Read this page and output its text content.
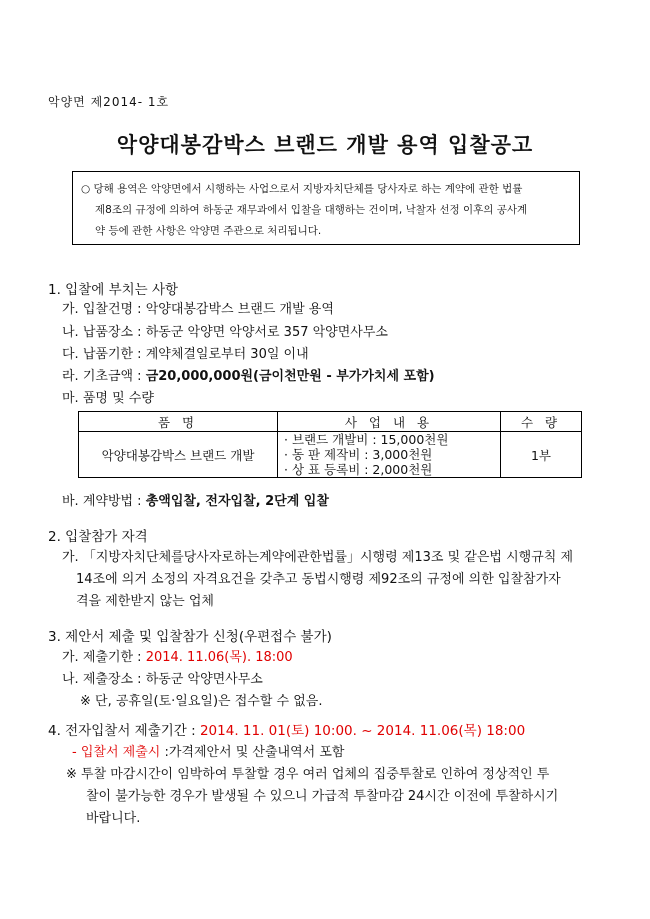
악양면 제2014- 1호
악양대봉감박스 브랜드 개발 용역 입찰공고
○ 당해 용역은 악양면에서 시행하는 사업으로서 지방자치단체를 당사자로 하는 계약에 관한 법률
제8조의 규정에 의하여 하동군 재무과에서 입찰을 대행하는 건이며, 낙찰자 선정 이후의 공사계
약 등에 관한 사항은 악양면 주관으로 처리됩니다.
1. 입찰에 부치는 사항
가. 입찰건명 : 악양대봉감박스 브랜드 개발 용역
나. 납품장소 : 하동군 악양면 악양서로 357 악양면사무소
다. 납품기한 : 계약체결일로부터 30일 이내
라. 기초금액 : 금20,000,000원(금이천만원 - 부가가치세 포함)
마. 품명 및 수량
품 명	사 업 내 용	수 량
악양대봉감박스 브랜드 개발	· 브랜드 개발비 : 15,000천원
· 동 판 제작비 : 3,000천원
· 상 표 등록비 : 2,000천원	1부
바. 계약방법 : 총액입찰, 전자입찰, 2단계 입찰
2. 입찰참가 자격
가. 「지방자치단체를당사자로하는계약에관한법률」시행령 제13조 및 같은법 시행규칙 제
14조에 의거 소정의 자격요건을 갖추고 동법시행령 제92조의 규정에 의한 입찰참가자
격을 제한받지 않는 업체
3. 제안서 제출 및 입찰참가 신청(우편접수 불가)
가. 제출기한 : 2014. 11.06(목). 18:00
나. 제출장소 : 하동군 악양면사무소
※ 단, 공휴일(토·일요일)은 접수할 수 없음.
4. 전자입찰서 제출기간 : 2014. 11. 01(토) 10:00. ~ 2014. 11.06(목) 18:00
- 입찰서 제출시 :가격제안서 및 산출내역서 포함
※ 투찰 마감시간이 임박하여 투찰할 경우 여러 업체의 집중투찰로 인하여 정상적인 투
찰이 불가능한 경우가 발생될 수 있으니 가급적 투찰마감 24시간 이전에 투찰하시기
바랍니다.
